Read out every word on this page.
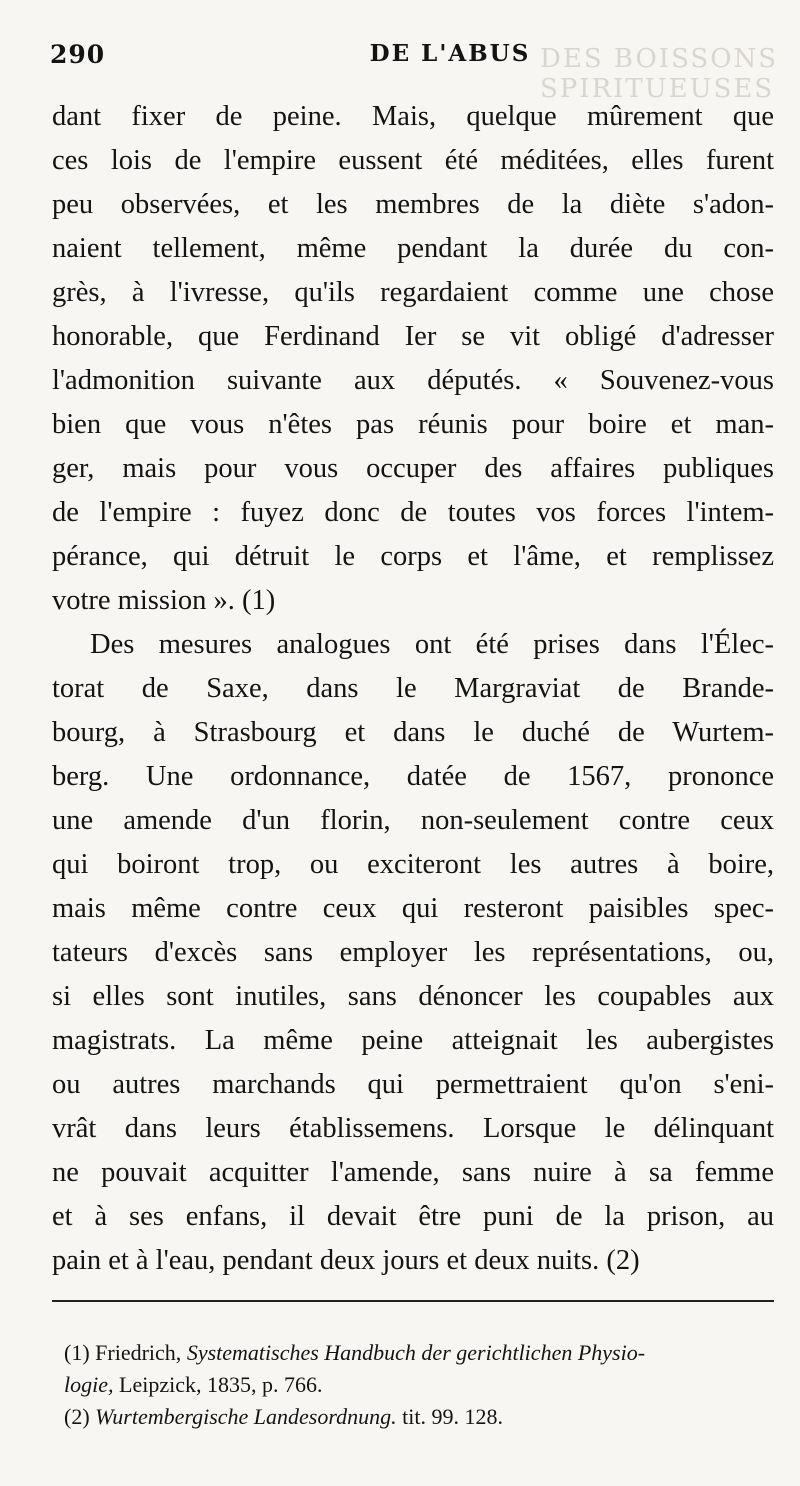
DES BOISSONS SPIRITUEUSES
290	DE L'ABUS
dant fixer de peine. Mais, quelque mûrement que
ces lois de l'empire eussent été méditées, elles furent
peu observées, et les membres de la diète s'adon-
naient tellement, même pendant la durée du con-
grès, à l'ivresse, qu'ils regardaient comme une chose
honorable, que Ferdinand Ier se vit obligé d'adresser
l'admonition suivante aux députés. « Souvenez-vous
bien que vous n'êtes pas réunis pour boire et man-
ger, mais pour vous occuper des affaires publiques
de l'empire : fuyez donc de toutes vos forces l'intem-
pérance, qui détruit le corps et l'âme, et remplissez
votre mission ». (1)
Des mesures analogues ont été prises dans l'Élec-
torat de Saxe, dans le Margraviat de Brande-
bourg, à Strasbourg et dans le duché de Wurtem-
berg. Une ordonnance, datée de 1567, prononce
une amende d'un florin, non-seulement contre ceux
qui boiront trop, ou exciteront les autres à boire,
mais même contre ceux qui resteront paisibles spec-
tateurs d'excès sans employer les représentations, ou,
si elles sont inutiles, sans dénoncer les coupables aux
magistrats. La même peine atteignait les aubergistes
ou autres marchands qui permettraient qu'on s'eni-
vrât dans leurs établissemens. Lorsque le délinquant
ne pouvait acquitter l'amende, sans nuire à sa femme
et à ses enfans, il devait être puni de la prison, au
pain et à l'eau, pendant deux jours et deux nuits. (2)
(1) Friedrich, Systematisches Handbuch der gerichtlichen Physio-
logie, Leipzick, 1835, p. 766.
(2) Wurtembergische Landesordnung. tit. 99. 128.
